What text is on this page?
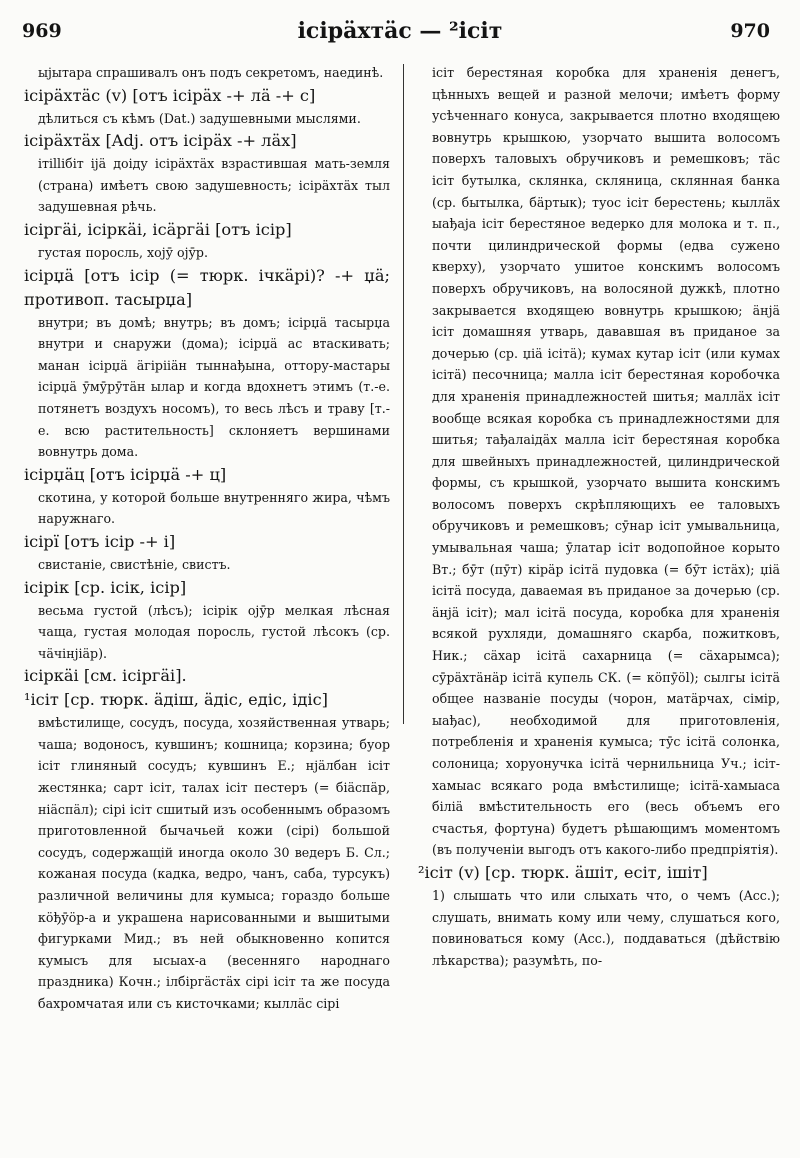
969	ісірäхтäс — ²ісіт	970

ыјытара спрашивалъ онъ подъ секретомъ, наединѣ.

ісірäхтäс (v) [отъ ісірäх -+ лä -+ с]

дѣлиться съ кѣмъ (Dat.) задушевными мыслями.

ісірäхтäх [Adj. отъ ісірäх -+ лäх]

ітіllібіт іјä доіду ісірäхтäх взрастившая мать-земля (страна) имѣетъ свою задушевность; ісірäхтäх тыл задушевная рѣчь.

ісіргäі, ісіркäі, ісäргäі [отъ ісір]

густая поросль, хојӯ ојӯр.

ісірџä [отъ ісір (= тюрк. ічкäрі)? -+ џä; противоп. тасырџа]

внутри; въ домѣ; внутрь; въ домъ; ісірџä тасырџа внутри и снаружи (дома); ісірџä ас втаскивать; манан ісірџä äгірііäн тыннађына, оттору-мастары ісірџä ӯмӯрӯтäн ылар и когда вдохнетъ этимъ (т.-е. потянетъ воздухъ носомъ), то весь лѣсъ и траву [т.-е. всю растительность] склоняетъ вершинами вовнутрь дома.

ісірџäц [отъ ісірџä -+ ц]

скотина, у которой больше внутренняго жира, чѣмъ наружнаго.

ісірї [отъ ісір -+ і]

свистаніе, свистѣніе, свистъ.

ісірік [ср. ісік, ісір]

весьма густой (лѣсъ); ісірік ојӯр мелкая лѣсная чаща, густая молодая поросль, густой лѣсокъ (ср. чäчінјіäр).

ісіркäі [см. ісіргäі].

¹ісіт [ср. тюрк. äдіш, äдіс, едіс, ідіс]

вмѣстилище, сосудъ, посуда, хозяйственная утварь; чаша; водоносъ, кувшинъ; кошница; корзина; буор ісіт глиняный сосудъ; кувшинъ Е.; нјäлбан ісіт жестянка; сарт ісіт, талах ісіт пестеръ (= біäспäр, ніäспäл); сірі ісіт сшитый изъ особеннымъ образомъ приготовленной бычачьей кожи (сірі) большой сосудъ, содержащій иногда около 30 ведеръ Б. Сл.; кожаная посуда (кадка, ведро, чанъ, саба, турсукъ) различной величины для кумыса; гораздо больше кöђӯӧр-а и украшена нарисованными и вышитыми фигурками Мид.; въ ней обыкновенно копится кумысъ для ысыах-а (весенняго народнаго праздника) Кочн.; ілбіргäстäх сірі ісіт та же посуда бахромчатая или съ кисточками; кыллäс сірі

ісіт берестяная коробка для храненія денегъ, цѣнныхъ вещей и разной мелочи; имѣетъ форму усѣченнаго конуса, закрывается плотно входящею вовнутрь крышкою, узорчато вышита волосомъ поверхъ таловыхъ обручиковъ и ремешковъ; тäс ісіт бутылка, склянка, скляница, склянная банка (ср. бытылка, бäртык); туос ісіт берестень; кыллäх ыађаја ісіт берестяное ведерко для молока и т. п., почти цилиндрической формы (едва сужено кверху), узорчато ушитое конскимъ волосомъ поверхъ обручиковъ, на волосяной дужкѣ, плотно закрывается входящею вовнутрь крышкою; äнјä ісіт домашняя утварь, дававшая въ приданое за дочерью (ср. џіä ісітä); кумах кутар ісіт (или кумах ісітä) песочница; малла ісіт берестяная коробочка для храненія принадлежностей шитья; маллäх ісіт вообще всякая коробка съ принадлежностями для шитья; тађалаідäх малла ісіт берестяная коробка для швейныхъ принадлежностей, цилиндрической формы, съ крышкой, узорчато вышита конскимъ волосомъ поверхъ скрѣпляющихъ ее таловыхъ обручиковъ и ремешковъ; сӯнар ісіт умывальница, умывальная чаша; ӯлатар ісіт водопойное корыто Вт.; бӯт (пӯт) кірäр ісітä пудовка (= бӯт істäх); џіä ісітä посуда, даваемая въ приданое за дочерью (ср. äнјä ісіт); мал ісітä посуда, коробка для храненія всякой рухляди, домашняго скарба, пожитковъ, Ник.; сäхар ісітä сахарница (= сäхарымса); сӯрäхтäнäр ісітä купель СК. (= кöпӯöl); сылгы ісітä общее названіе посуды (чорон, матäрчах, сімір, ыађас), необходимой для приготовленія, потребленія и храненія кумыса; тӯс ісітä солонка, солоница; хоруонучка ісітä чернильница Уч.; ісіт-хамыас всякаго рода вмѣстилище; ісітä-хамыаса біліä вмѣстительность его (весь объемъ его счастья, фортуна) будетъ рѣшающимъ моментомъ (въ полученіи выгодъ отъ какого-либо предпріятія).

²ісіт (v) [ср. тюрк. äшіт, есіт, ішіт]

1) слышать что или слыхать что, о чемъ (Acc.); слушать, внимать кому или чему, слушаться кого, повиноваться кому (Acc.), поддаваться (дѣйствію лѣкарства); разумѣть, по-
